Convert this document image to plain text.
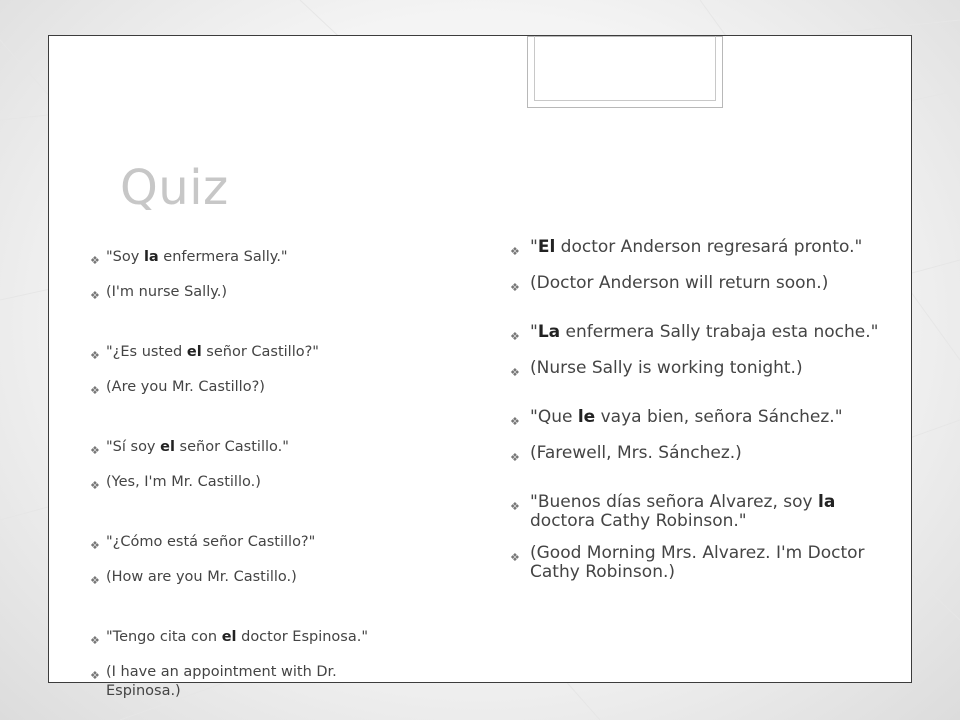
Quiz
❖ "Soy la enfermera Sally."
❖ (I'm nurse Sally.)
❖ "¿Es usted el señor Castillo?"
❖ (Are you Mr. Castillo?)
❖ "Sí soy el señor Castillo."
❖ (Yes, I'm Mr. Castillo.)
❖ "¿Cómo está señor Castillo?"
❖ (How are you Mr. Castillo.)
❖ "Tengo cita con el doctor Espinosa."
❖ (I have an appointment with Dr. Espinosa.)
❖ "El doctor Anderson regresará pronto."
❖ (Doctor Anderson will return soon.)
❖ "La enfermera Sally trabaja esta noche."
❖ (Nurse Sally is working tonight.)
❖ "Que le vaya bien, señora Sánchez."
❖ (Farewell, Mrs. Sánchez.)
❖ "Buenos días señora Alvarez, soy la doctora Cathy Robinson."
❖ (Good Morning Mrs. Alvarez. I'm Doctor Cathy Robinson.)
